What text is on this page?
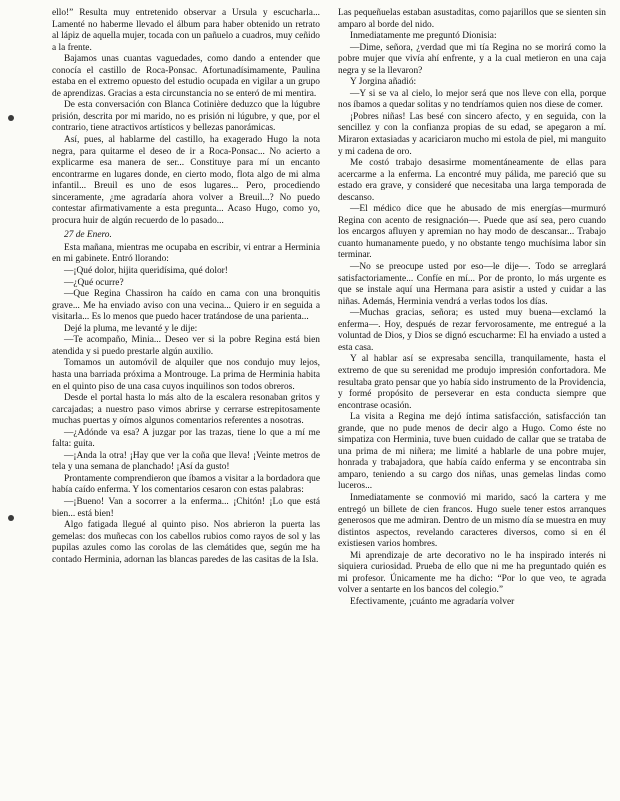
ello!” Resulta muy entretenido observar a Ursula y escucharla... Lamenté no haberme llevado el álbum para haber obtenido un retrato al lápiz de aquella mujer, tocada con un pañuelo a cuadros, muy ceñido a la frente.

Bajamos unas cuantas vaguedades, como dando a entender que conocía el castillo de Roca-Ponsac. Afortunadísimamente, Paulina estaba en el extremo opuesto del estudio ocupada en vigilar a un grupo de aprendizas. Gracias a esta circunstancia no se enteró de mi mentira.

De esta conversación con Blanca Cotinière deduzco que la lúgubre prisión, descrita por mi marido, no es prisión ni lúgubre, y que, por el contrario, tiene atractivos artísticos y bellezas panorámicas.

Así, pues, al hablarme del castillo, ha exagerado Hugo la nota negra, para quitarme el deseo de ir a Roca-Ponsac... No acierto a explicarme esa manera de ser... Constituye para mí un encanto encontrarme en lugares donde, en cierto modo, flota algo de mi alma infantil... Breuil es uno de esos lugares... Pero, procediendo sinceramente, ¿me agradaría ahora volver a Breuil...? No puedo contestar afirmativamente a esta pregunta... Acaso Hugo, como yo, procura huir de algún recuerdo de lo pasado...

27 de Enero.

Esta mañana, mientras me ocupaba en escribir, vi entrar a Herminia en mi gabinete. Entró llorando:

—¡Qué dolor, hijita queridísima, qué dolor!

—¿Qué ocurre?

—Que Regina Chassiron ha caído en cama con una bronquitis grave... Me ha enviado aviso con una vecina... Quiero ir en seguida a visitarla... Es lo menos que puedo hacer tratándose de una parienta...

Dejé la pluma, me levanté y le dije:

—Te acompaño, Minia... Deseo ver si la pobre Regina está bien atendida y si puedo prestarle algún auxilio.

Tomamos un automóvil de alquiler que nos condujo muy lejos, hasta una barriada próxima a Montrouge. La prima de Herminia habita en el quinto piso de una casa cuyos inquilinos son todos obreros.

Desde el portal hasta lo más alto de la escalera resonaban gritos y carcajadas; a nuestro paso vimos abrirse y cerrarse estrepitosamente muchas puertas y oímos algunos comentarios referentes a nosotras.

—¿Adónde va esa? A juzgar por las trazas, tiene lo que a mí me falta: guita.

—¡Anda la otra! ¡Hay que ver la coña que lleva! ¡Veinte metros de tela y una semana de planchado! ¡Así da gusto!

Prontamente comprendieron que íbamos a visitar a la bordadora que había caído enferma. Y los comentarios cesaron con estas palabras:

—¡Bueno! Van a socorrer a la enferma... ¡Chitón! ¡Lo que está bien... está bien!

Algo fatigada llegué al quinto piso. Nos abrieron la puerta las gemelas: dos muñecas con los cabellos rubios como rayos de sol y las pupilas azules como las corolas de las clemátides que, según me ha contado Herminia, adornan las blancas paredes de las casitas de la Isla.

Las pequeñuelas estaban asustaditas, como pajarillos que se sienten sin amparo al borde del nido.

Inmediatamente me preguntó Dionisia:

—Dime, señora, ¿verdad que mi tía Regina no se morirá como la pobre mujer que vivía ahí enfrente, y a la cual metieron en una caja negra y se la llevaron?

Y Jorgina añadió:

—Y si se va al cielo, lo mejor será que nos lleve con ella, porque nos íbamos a quedar solitas y no tendríamos quien nos diese de comer.

¡Pobres niñas! Las besé con sincero afecto, y en seguida, con la sencillez y con la confianza propias de su edad, se apegaron a mí. Miraron extasiadas y acariciaron mucho mi estola de piel, mi manguito y mi cadena de oro.

Me costó trabajo desasirme momentáneamente de ellas para acercarme a la enferma. La encontré muy pálida, me pareció que su estado era grave, y consideré que necesitaba una larga temporada de descanso.

—El médico dice que he abusado de mis energías—murmuró Regina con acento de resignación—. Puede que así sea, pero cuando los encargos afluyen y apremian no hay modo de descansar... Trabajo cuanto humanamente puedo, y no obstante tengo muchísima labor sin terminar.

—No se preocupe usted por eso—le dije—. Todo se arreglará satisfactoriamente... Confíe en mí... Por de pronto, lo más urgente es que se instale aquí una Hermana para asistir a usted y cuidar a las niñas. Además, Herminia vendrá a verlas todos los días.

—Muchas gracias, señora; es usted muy buena—exclamó la enferma—. Hoy, después de rezar fervorosamente, me entregué a la voluntad de Dios, y Dios se dignó escucharme: El ha enviado a usted a esta casa.

Y al hablar así se expresaba sencilla, tranquilamente, hasta el extremo de que su serenidad me produjo impresión confortadora. Me resultaba grato pensar que yo había sido instrumento de la Providencia, y formé propósito de perseverar en esta conducta siempre que encontrase ocasión.

La visita a Regina me dejó íntima satisfacción, satisfacción tan grande, que no pude menos de decir algo a Hugo. Como éste no simpatiza con Herminia, tuve buen cuidado de callar que se trataba de una prima de mi niñera; me limité a hablarle de una pobre mujer, honrada y trabajadora, que había caído enferma y se encontraba sin amparo, teniendo a su cargo dos niñas, unas gemelas lindas como luceros...

Inmediatamente se conmovió mi marido, sacó la cartera y me entregó un billete de cien francos. Hugo suele tener estos arranques generosos que me admiran. Dentro de un mismo día se muestra en muy distintos aspectos, revelando caracteres diversos, como si en él existiesen varios hombres.

Mi aprendizaje de arte decorativo no le ha inspirado interés ni siquiera curiosidad. Prueba de ello que ni me ha preguntado quién es mi profesor. Únicamente me ha dicho: “Por lo que veo, te agrada volver a sentarte en los bancos del colegio.”

Efectivamente, ¡cuánto me agradaría volver
